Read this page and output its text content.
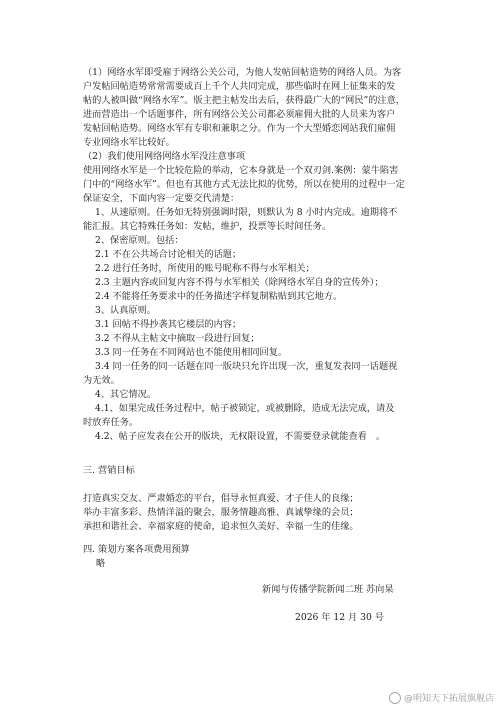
（1）网络水军即受雇于网络公关公司，为他人发帖回帖造势的网络人员。为客
户发帖回帖造势常常需要成百上千个人共同完成，那些临时在网上征集来的发
帖的人被叫做“网络水军”。版主把主帖发出去后，获得最广大的“网民”的注意，
进而营造出一个话题事件，所有网络公关公司都必须雇佣大批的人员来为客户
发帖回帖造势。网络水军有专职和兼职之分。作为一个大型婚恋网站我们雇佣
专业网络水军比较好。
（2）我们使用网络网络水军没注意事项
使用网络水军是一个比较危险的举动，它本身就是一个双刃剑.案例：蒙牛陷害
门中的“网络水军”。但也有其他方式无法比拟的优势，所以在使用的过程中一定
保证安全，下面内容一定要交代清楚：
1、从速原则。任务如无特别强调时限，则默认为 8 小时内完成。逾期将不
能汇报。其它特殊任务如：发帖，维护，投票等长时间任务。
2、保密原则。包括：
2.1 不在公共场合讨论相关的话题；
2.2 进行任务时，所使用的账号昵称不得与水军相关；
2.3 主题内容或回复内容不得与水军相关（除网络水军自身的宣传外）；
2.4 不能将任务要求中的任务描述字样复制粘贴到其它地方。
3、认真原则。
3.1 回帖不得抄袭其它楼层的内容；
3.2 不得从主帖文中摘取一段进行回复；
3.3 同一任务在不同网站也不能使用相同回复。
3.4 同一任务的同一话题在同一版块只允许出现一次，重复发表同一话题视
为无效。
4、其它情况。
4.1、如果完成任务过程中，帖子被锁定，或被删除，造成无法完成，请及
时放弃任务。
4.2、帖子应发表在公开的版块，无权限设置，不需要登录就能查看　。
三. 营销目标
打造真实交友、严肃婚恋的平台，倡导永恒真爱、才子佳人的良缘；
举办丰富多彩、热情洋溢的聚会，服务情趣高雅、真诚挚缘的会员；
承担和谐社会、幸福家庭的使命，追求恒久美好、幸福一生的佳缘。
四. 策划方案各项费用预算
略
新闻与传播学院新闻二班 苏向杲
2026 年 12 月 30 号
@明知天下拓展旗舰店
